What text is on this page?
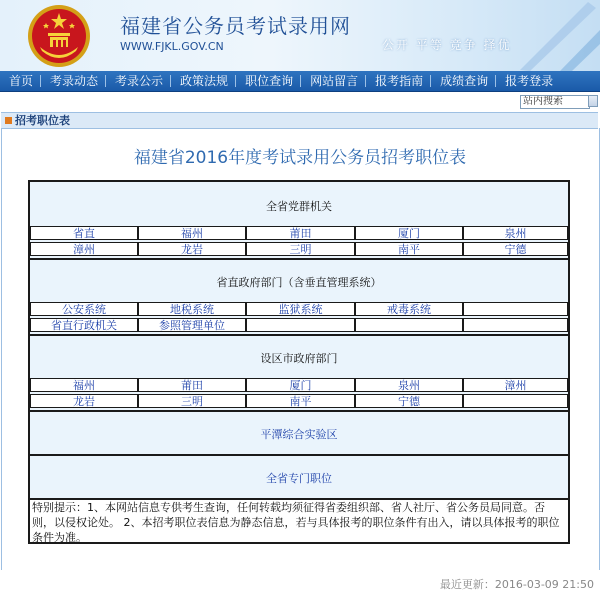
福建省公务员考试录用网
WWW.FJKL.GOV.CN	公开 平等 竞争 择优
首页	考录动态	考录公示	政策法规	职位查询	网站留言	报考指南	成绩查询	报考登录
站内搜索
招考职位表
福建省2016年度考试录用公务员招考职位表
全省党群机关
省直	福州	莆田	厦门	泉州
漳州	龙岩	三明	南平	宁德
省直政府部门（含垂直管理系统）
公安系统	地税系统	监狱系统	戒毒系统
省直行政机关	参照管理单位
设区市政府部门
福州	莆田	厦门	泉州	漳州
龙岩	三明	南平	宁德
平潭综合实验区
全省专门职位
特别提示：1、本网站信息专供考生查询，任何转载均须征得省委组织部、省人社厅、省公务员局同意。否则，以侵权论处。 2、本招考职位表信息为静态信息，若与具体报考的职位条件有出入，请以具体报考的职位条件为准。
最近更新：2016-03-09 21:50
